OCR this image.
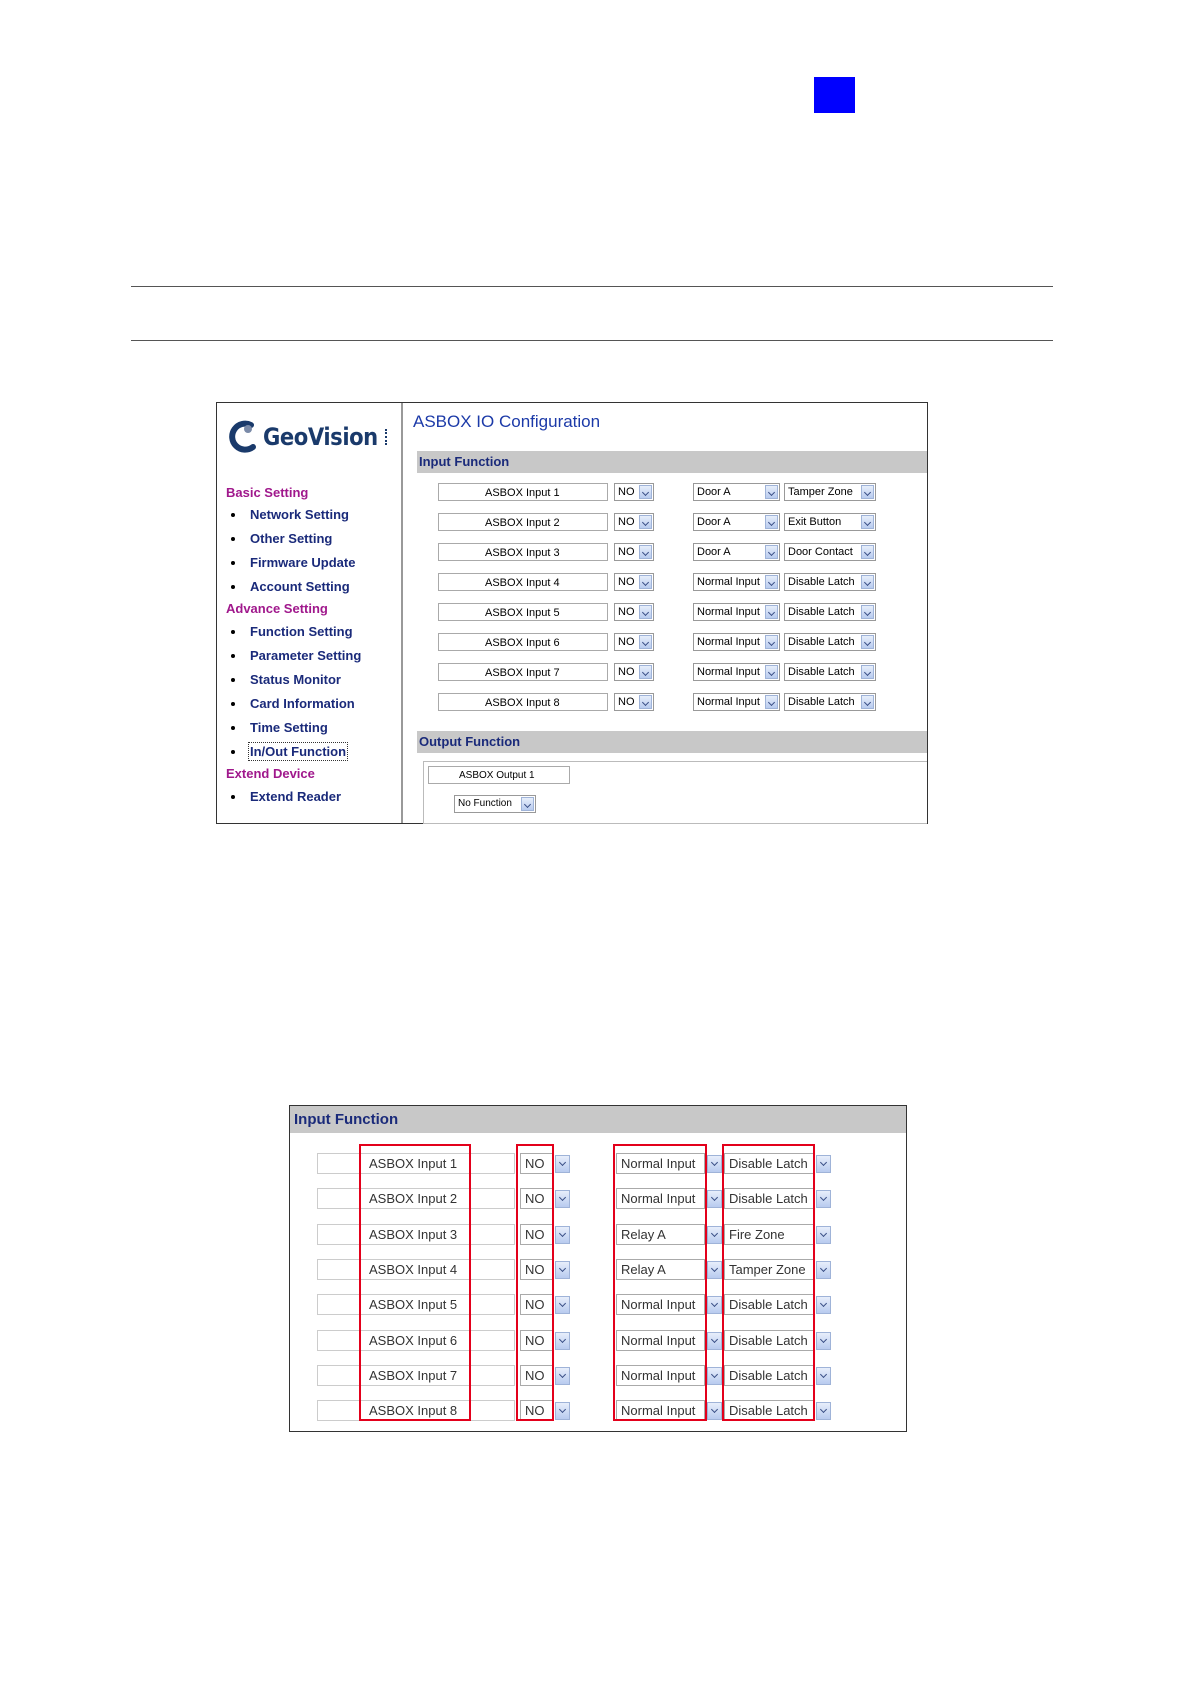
GeoVision
Basic Setting
Network Setting
Other Setting
Firmware Update
Account Setting
Advance Setting
Function Setting
Parameter Setting
Status Monitor
Card Information
Time Setting
In/Out Function
Extend Device
Extend Reader
ASBOX IO Configuration
Input Function
ASBOX Input 1	NO	Door A	Tamper Zone
ASBOX Input 2	NO	Door A	Exit Button
ASBOX Input 3	NO	Door A	Door Contact
ASBOX Input 4	NO	Normal Input	Disable Latch
ASBOX Input 5	NO	Normal Input	Disable Latch
ASBOX Input 6	NO	Normal Input	Disable Latch
ASBOX Input 7	NO	Normal Input	Disable Latch
ASBOX Input 8	NO	Normal Input	Disable Latch
Output Function
ASBOX Output 1
No Function
Input Function
ASBOX Input 1	NO	Normal Input	Disable Latch
ASBOX Input 2	NO	Normal Input	Disable Latch
ASBOX Input 3	NO	Relay A	Fire Zone
ASBOX Input 4	NO	Relay A	Tamper Zone
ASBOX Input 5	NO	Normal Input	Disable Latch
ASBOX Input 6	NO	Normal Input	Disable Latch
ASBOX Input 7	NO	Normal Input	Disable Latch
ASBOX Input 8	NO	Normal Input	Disable Latch
